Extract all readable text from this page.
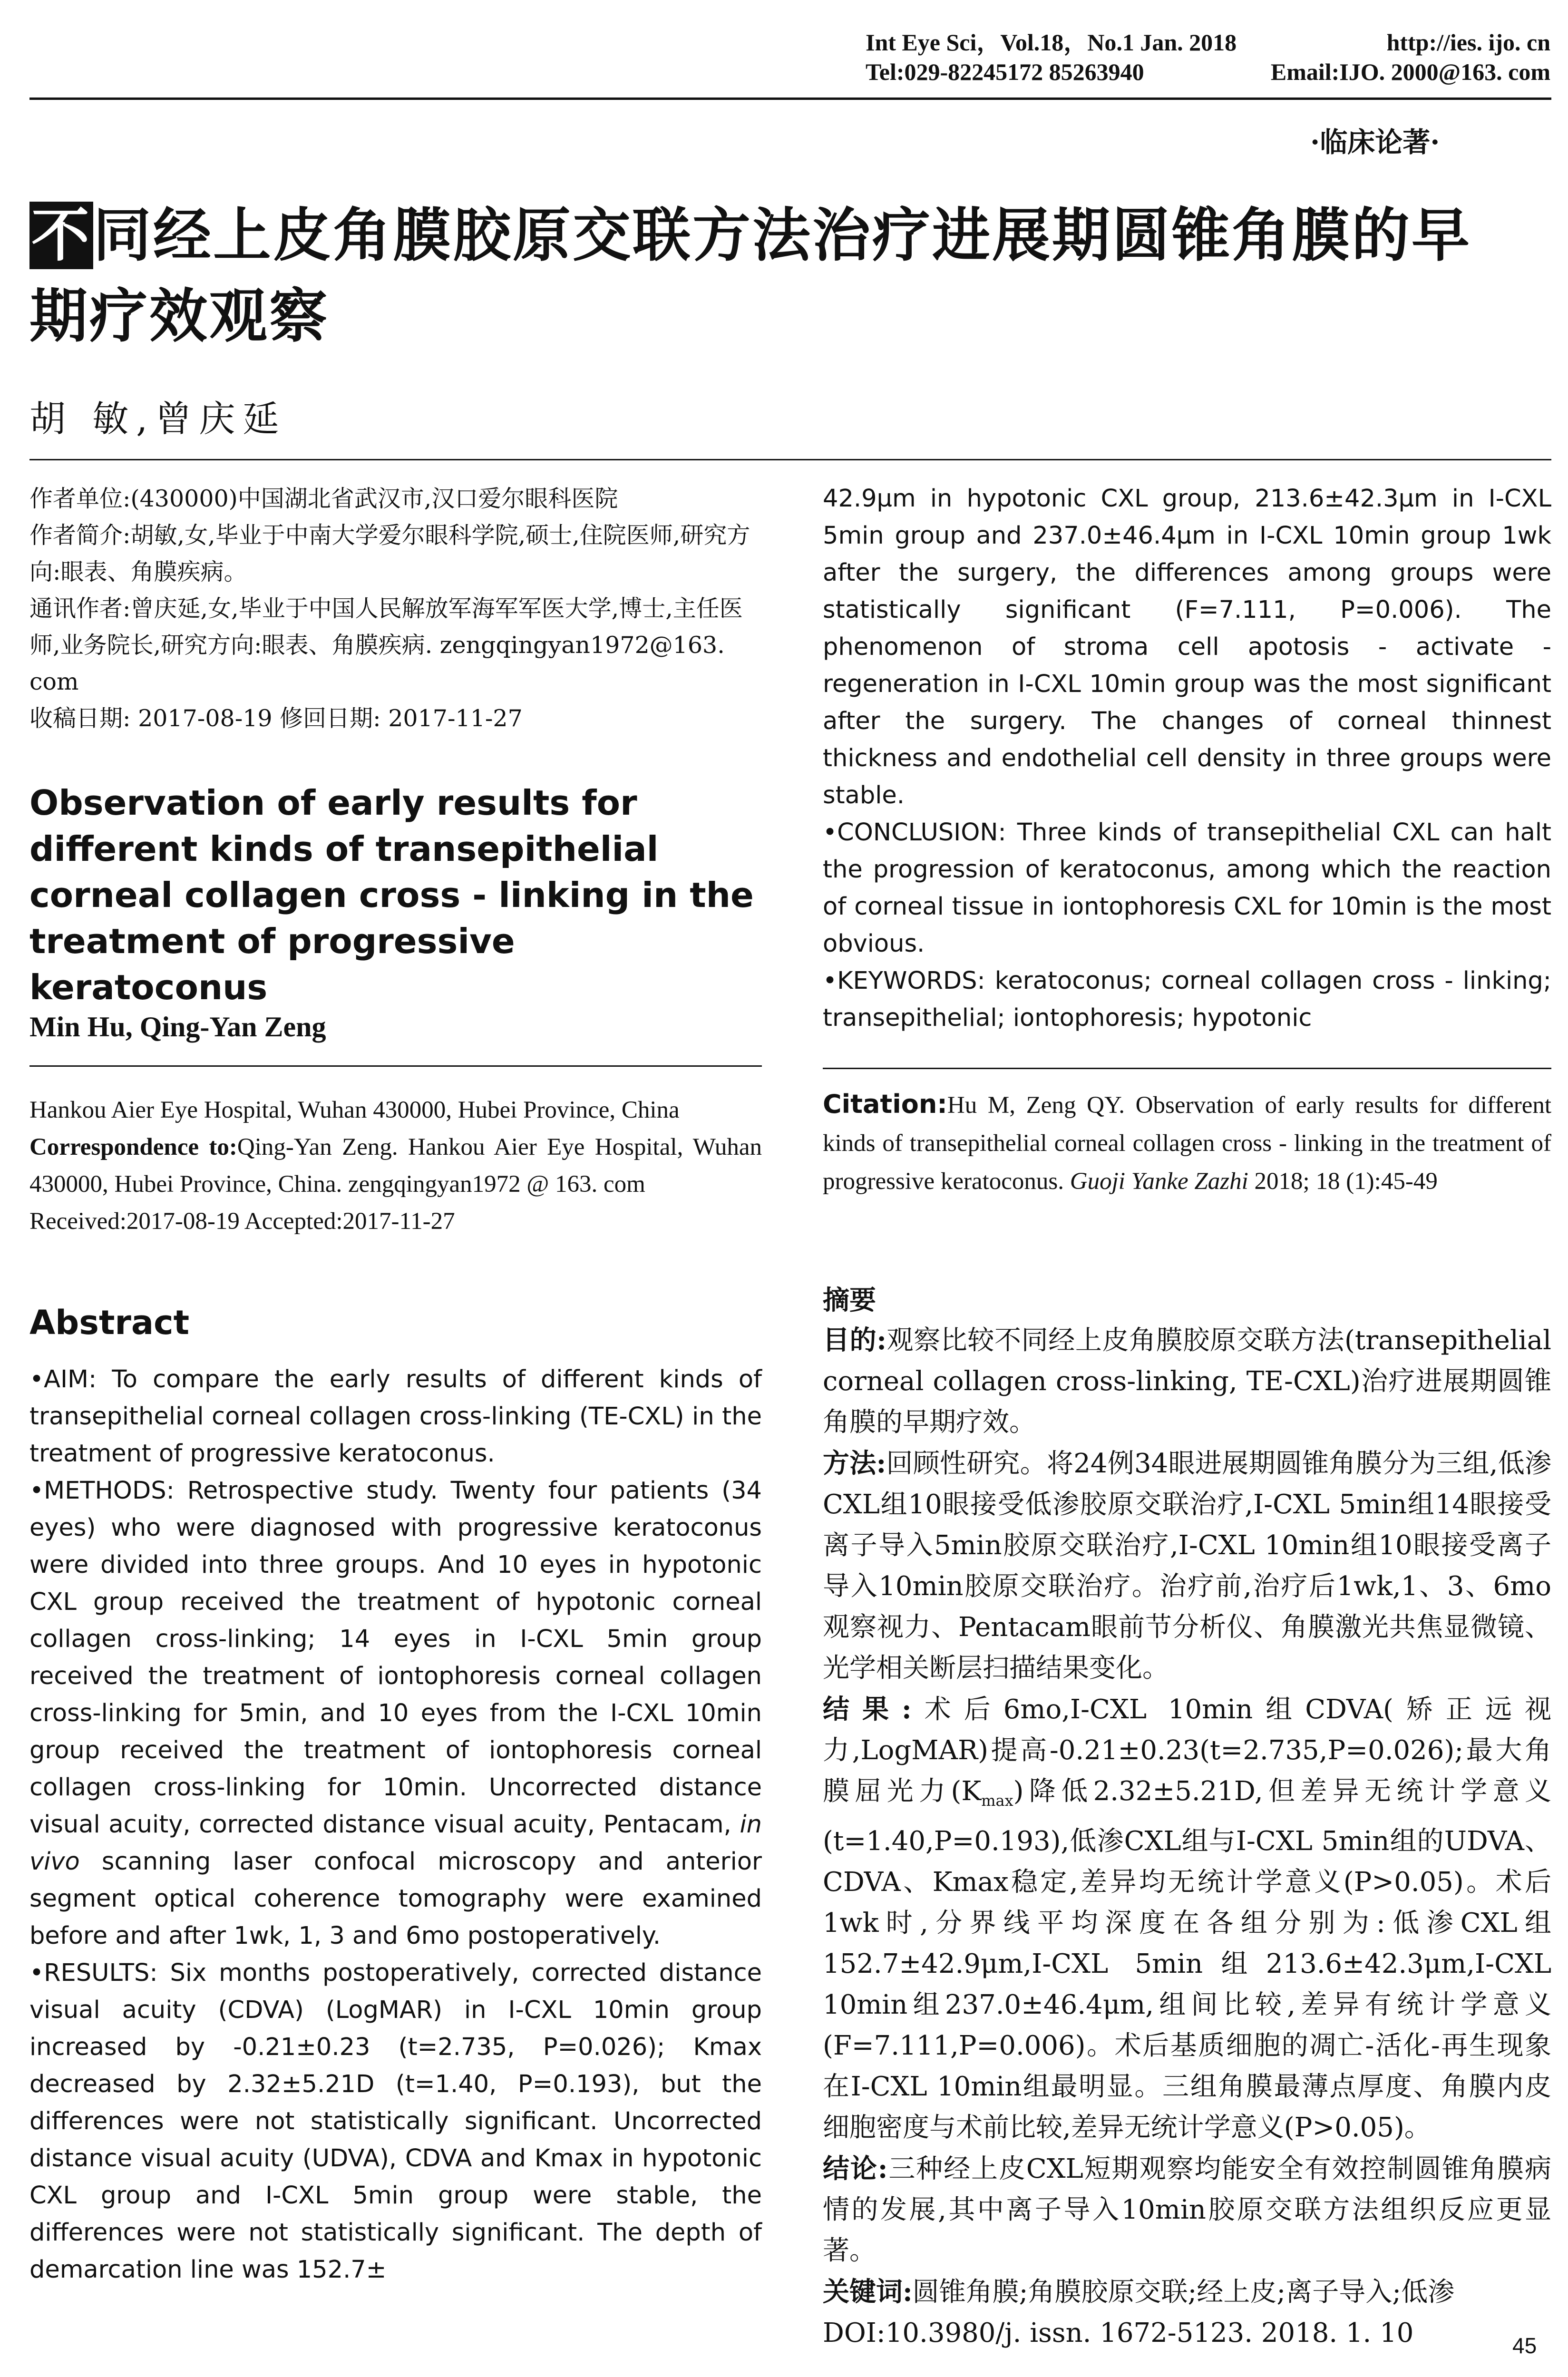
Int Eye Sci，Vol.18，No.1 Jan. 2018	http://ies. ijo. cn
Tel:029-82245172 85263940	Email:IJO. 2000@163. com
·临床论著·
不同经上皮角膜胶原交联方法治疗进展期圆锥角膜的早
期疗效观察
胡 敏,曾庆延
作者单位:(430000)中国湖北省武汉市,汉口爱尔眼科医院
作者简介:胡敏,女,毕业于中南大学爱尔眼科学院,硕士,住院医师,研究方向:眼表、角膜疾病。
通讯作者:曾庆延,女,毕业于中国人民解放军海军军医大学,博士,主任医师,业务院长,研究方向:眼表、角膜疾病. zengqingyan1972@163. com
收稿日期: 2017-08-19 修回日期: 2017-11-27
Observation of early results for different kinds of transepithelial corneal collagen cross - linking in the treatment of progressive keratoconus
Min Hu, Qing-Yan Zeng
Hankou Aier Eye Hospital, Wuhan 430000, Hubei Province, China
Correspondence to:Qing-Yan Zeng. Hankou Aier Eye Hospital, Wuhan 430000, Hubei Province, China. zengqingyan1972 @ 163. com
Received:2017-08-19 Accepted:2017-11-27
Abstract

•AIM: To compare the early results of different kinds of transepithelial corneal collagen cross-linking (TE-CXL) in the treatment of progressive keratoconus.

•METHODS: Retrospective study. Twenty four patients (34 eyes) who were diagnosed with progressive keratoconus were divided into three groups. And 10 eyes in hypotonic CXL group received the treatment of hypotonic corneal collagen cross-linking; 14 eyes in I-CXL 5min group received the treatment of iontophoresis corneal collagen cross-linking for 5min, and 10 eyes from the I-CXL 10min group received the treatment of iontophoresis corneal collagen cross-linking for 10min. Uncorrected distance visual acuity, corrected distance visual acuity, Pentacam, in vivo scanning laser confocal microscopy and anterior segment optical coherence tomography were examined before and after 1wk, 1, 3 and 6mo postoperatively.

•RESULTS: Six months postoperatively, corrected distance visual acuity (CDVA) (LogMAR) in I-CXL 10min group increased by -0.21±0.23 (t=2.735, P=0.026); Kmax decreased by 2.32±5.21D (t=1.40, P=0.193), but the differences were not statistically significant. Uncorrected distance visual acuity (UDVA), CDVA and Kmax in hypotonic CXL group and I-CXL 5min group were stable, the differences were not statistically significant. The depth of demarcation line was 152.7±

42.9μm in hypotonic CXL group, 213.6±42.3μm in I-CXL 5min group and 237.0±46.4μm in I-CXL 10min group 1wk after the surgery, the differences among groups were statistically significant (F=7.111, P=0.006). The phenomenon of stroma cell apotosis - activate - regeneration in I-CXL 10min group was the most significant after the surgery. The changes of corneal thinnest thickness and endothelial cell density in three groups were stable.

•CONCLUSION: Three kinds of transepithelial CXL can halt the progression of keratoconus, among which the reaction of corneal tissue in iontophoresis CXL for 10min is the most obvious.

•KEYWORDS: keratoconus; corneal collagen cross - linking; transepithelial; iontophoresis; hypotonic

Citation:Hu M, Zeng QY. Observation of early results for different kinds of transepithelial corneal collagen cross - linking in the treatment of progressive keratoconus. Guoji Yanke Zazhi 2018; 18 (1):45-49
摘要

目的:观察比较不同经上皮角膜胶原交联方法(transepithelial corneal collagen cross-linking, TE-CXL)治疗进展期圆锥角膜的早期疗效。

方法:回顾性研究。将24例34眼进展期圆锥角膜分为三组,低渗CXL组10眼接受低渗胶原交联治疗,I-CXL 5min组14眼接受离子导入5min胶原交联治疗,I-CXL 10min组10眼接受离子导入10min胶原交联治疗。治疗前,治疗后1wk,1、3、6mo观察视力、Pentacam眼前节分析仪、角膜激光共焦显微镜、光学相关断层扫描结果变化。

结果:术后6mo,I-CXL 10min组CDVA(矫正远视力,LogMAR)提高-0.21±0.23(t=2.735,P=0.026);最大角膜屈光力$(K_{max})$降低2.32±5.21D,但差异无统计学意义(t=1.40,P=0.193),低渗CXL组与I-CXL 5min组的UDVA、CDVA、Kmax稳定,差异均无统计学意义(P>0.05)。术后1wk时,分界线平均深度在各组分别为:低渗CXL组152.7±42.9μm,I-CXL 5min组213.6±42.3μm,I-CXL 10min组237.0±46.4μm,组间比较,差异有统计学意义(F=7.111,P=0.006)。术后基质细胞的凋亡-活化-再生现象在I-CXL 10min组最明显。三组角膜最薄点厚度、角膜内皮细胞密度与术前比较,差异无统计学意义(P>0.05)。

结论:三种经上皮CXL短期观察均能安全有效控制圆锥角膜病情的发展,其中离子导入10min胶原交联方法组织反应更显著。

关键词:圆锥角膜;角膜胶原交联;经上皮;离子导入;低渗

DOI:10.3980/j. issn. 1672-5123. 2018. 1. 10	45
